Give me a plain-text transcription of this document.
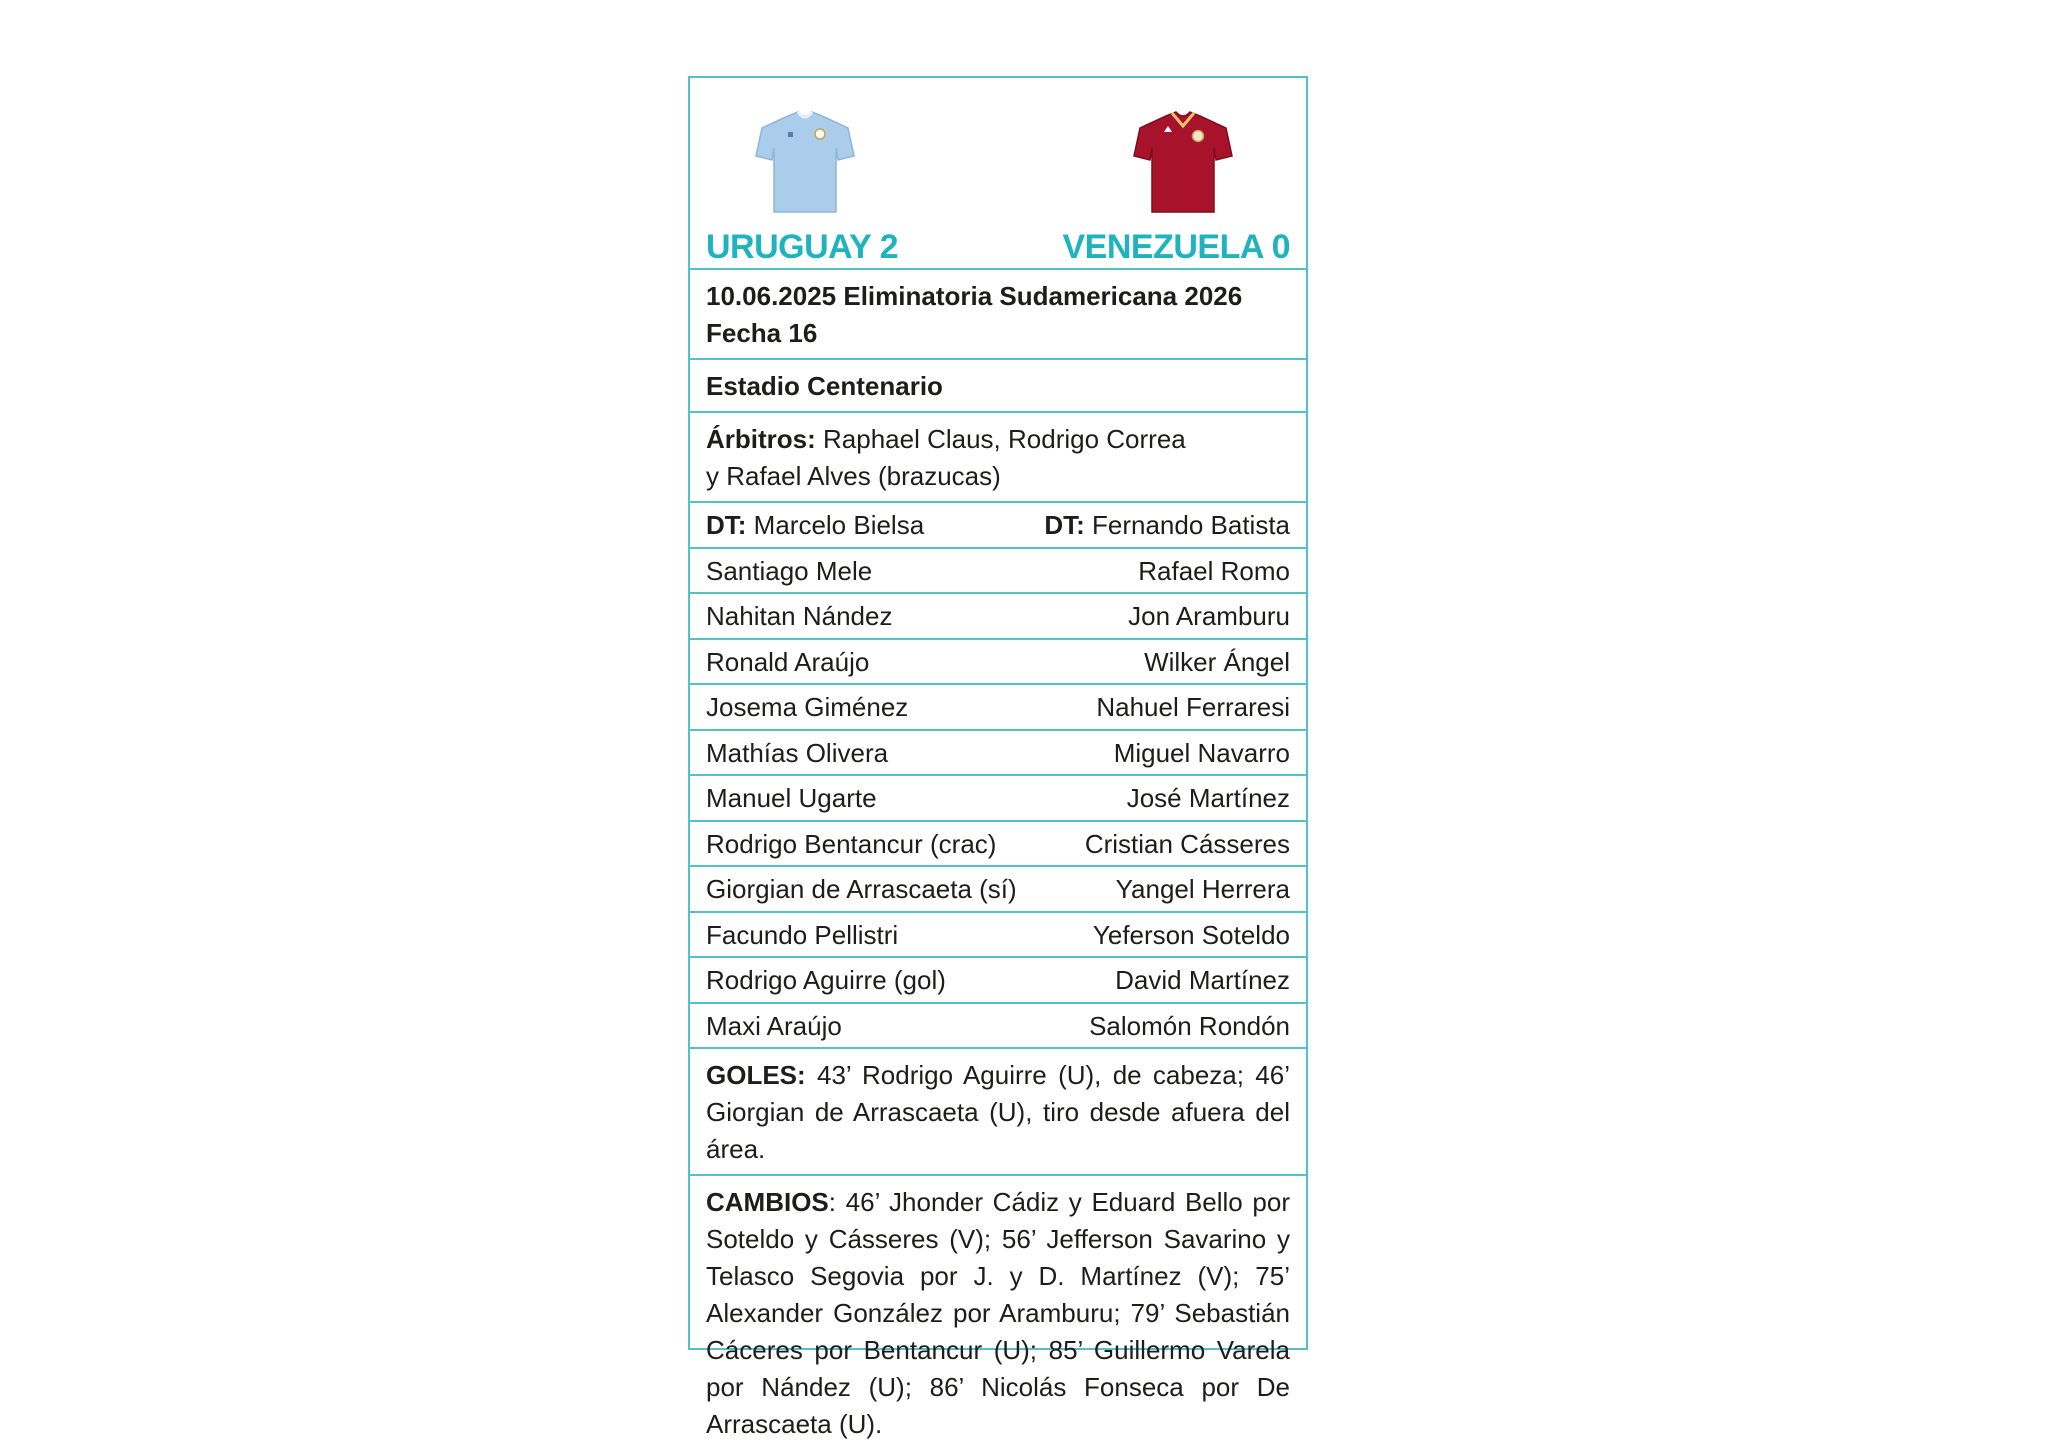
URUGUAY 2	VENEZUELA 0
10.06.2025 Eliminatoria Sudamericana 2026
Fecha 16
Estadio Centenario
Árbitros: Raphael Claus, Rodrigo Correa
y Rafael Alves (brazucas)
DT: Marcelo Bielsa	DT: Fernando Batista
Santiago Mele	Rafael Romo
Nahitan Nández	Jon Aramburu
Ronald Araújo	Wilker Ángel
Josema Giménez	Nahuel Ferraresi
Mathías Olivera	Miguel Navarro
Manuel Ugarte	José Martínez
Rodrigo Bentancur (crac)	Cristian Cásseres
Giorgian de Arrascaeta (sí)	Yangel Herrera
Facundo Pellistri	Yeferson Soteldo
Rodrigo Aguirre (gol)	David Martínez
Maxi Araújo	Salomón Rondón
GOLES: 43’ Rodrigo Aguirre (U), de cabeza; 46’ Giorgian de Arrascaeta (U), tiro desde afuera del área.
CAMBIOS: 46’ Jhonder Cádiz y Eduard Bello por Soteldo y Cásseres (V); 56’ Jefferson Savarino y Telasco Segovia por J. y D. Martínez (V); 75’ Alexander González por Aramburu; 79’ Sebastián Cáceres por Bentancur (U); 85’ Guillermo Varela por Nández (U); 86’ Nicolás Fonseca por De Arrascaeta (U).
